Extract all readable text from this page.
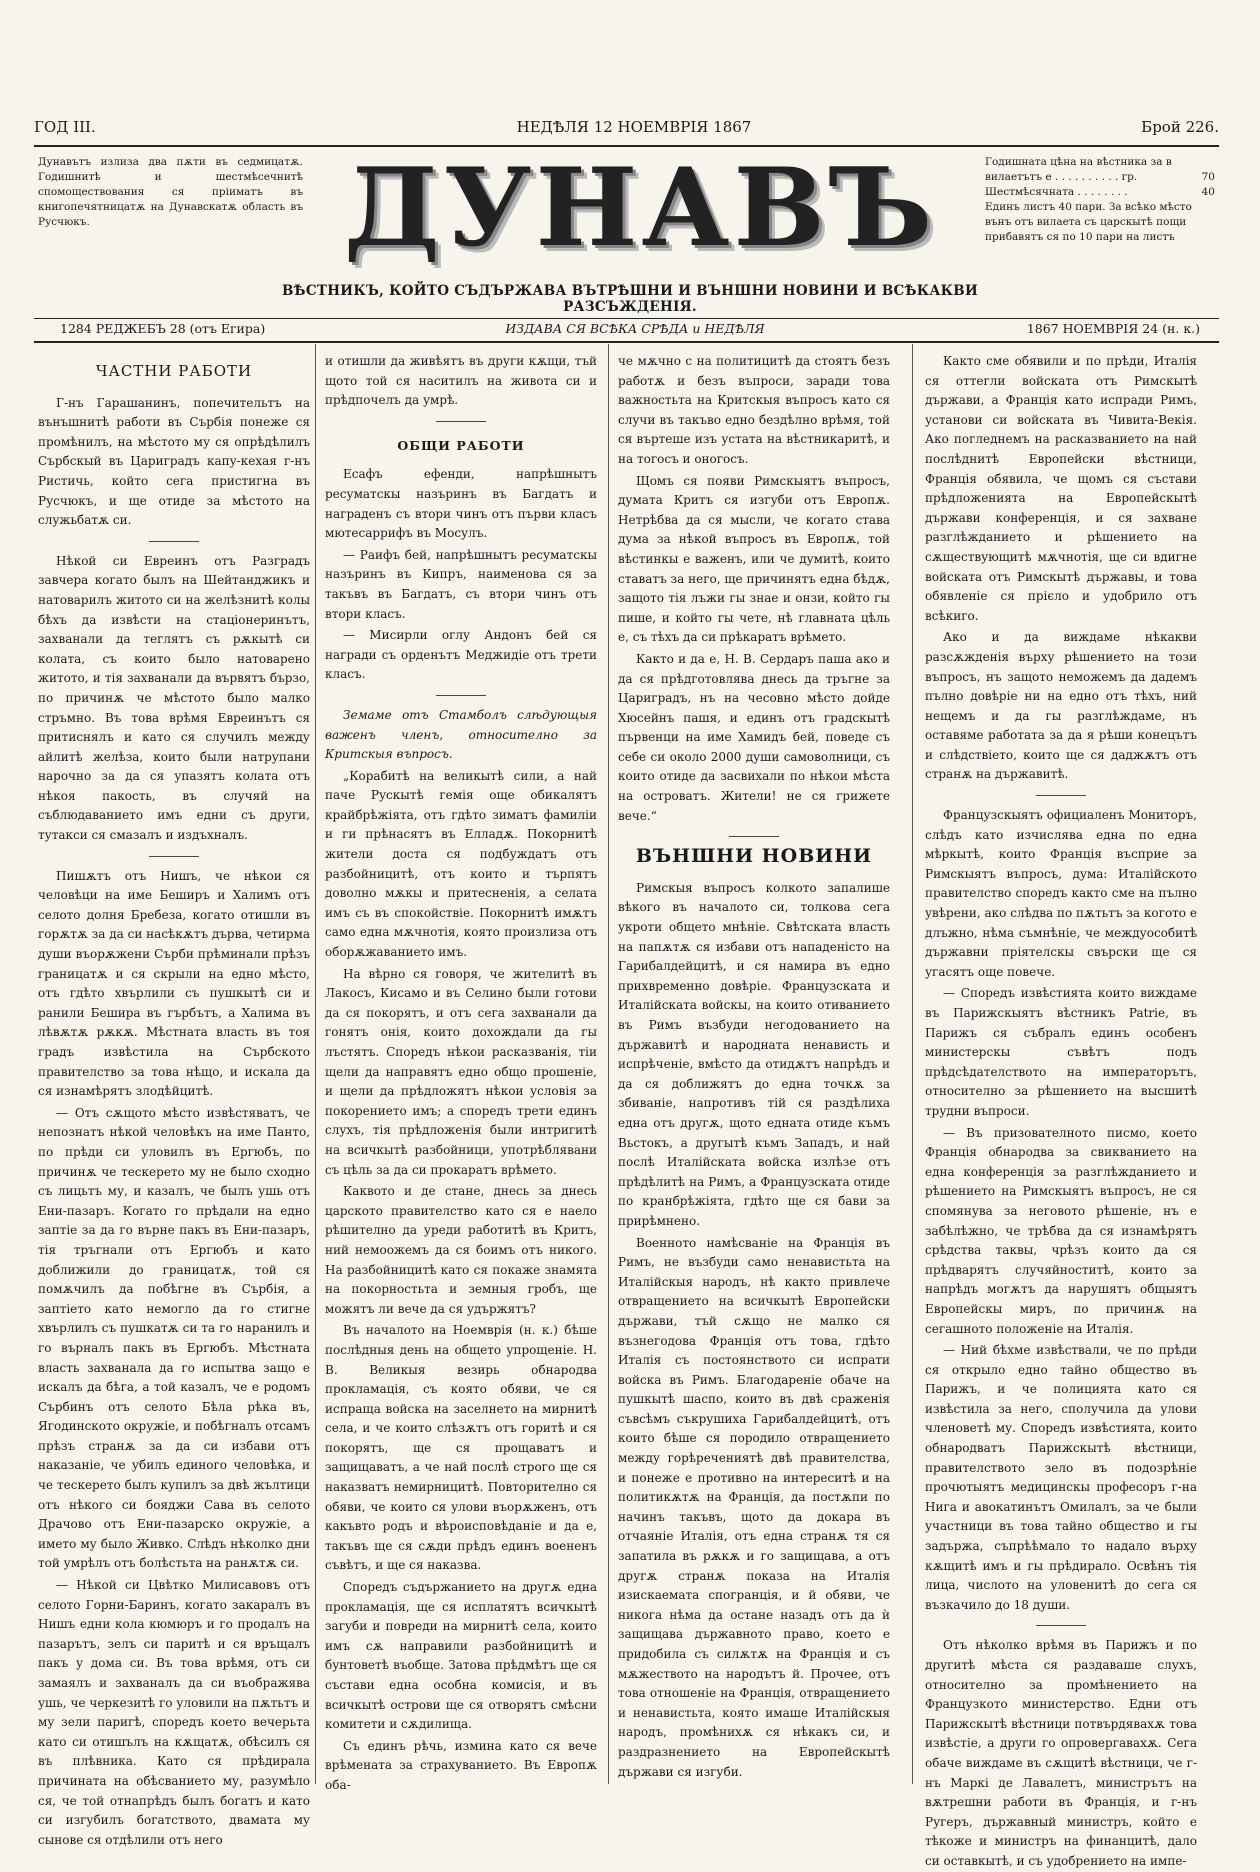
ГОД III.	НЕДѢЛЯ 12 НОЕМВРІЯ 1867	Брой 226.
Дунавътъ излиза два пѫти въ седмицатѫ. Годишнитѣ и шестмѣсечнитѣ спомоществования ся пріиматъ въ книгопечятницатѫ на Дунавскатѫ область въ Русчюкъ.	ДУНАВЪ	Годишната цѣна на вѣстника за в
вилаетътъ е . . . . . . . . . . гр.	70
Шестмѣсячната . . . . . . . .	40
Единъ листъ 40 пари. За всѣко мѣсто вънъ отъ вилаета съ царскытѣ пощи прибавятъ ся по 10 пари на листъ
ВѢСТНИКЪ, КОЙТО СЪДЪРЖАВА ВЪТРѢШНИ И ВЪНШНИ НОВИНИ И ВСѢКАКВИ РАЗСЪЖДЕНІЯ.
1284 РЕДЖЕБЪ 28 (отъ Егира)	ИЗДАВА СЯ ВСѢКА СРѢДА и НЕДѢЛЯ	1867 НОЕМВРІЯ 24 (н. к.)
ЧАСТНИ РАБОТИ

Г-нъ Гарашанинъ, попечительтъ на вънъшнитѣ работи въ Сърбія понеже ся промѣнилъ, на мѣстото му ся опрѣдѣлилъ Сърбскый въ Цариградъ капу-кехая г-нъ Ристичь, който сега пристигна въ Русчюкъ, и ще отиде за мѣстото на служьбатѫ си.

Нѣкой си Евреинъ отъ Разградъ завчера когато былъ на Шейтанджикъ и натоварилъ житото си на желѣзнитѣ колы бѣхъ да извѣсти на стаціонеринътъ, захванали да теглятъ съ рѫкытѣ си колата, съ които было натоварено житото, и тія захванали да вървятъ бързо, по причинѫ че мѣстото было малко стръмно. Въ това врѣмя Евреинътъ ся притиснялъ и като ся случилъ между айлитѣ желѣза, които были натрупани нарочно за да ся упазятъ колата отъ нѣкоя пакость, въ случяй на съблюдаванието имъ едни съ други, тутакси ся смазалъ и издъхналъ.

Пишѫтъ отъ Нишъ, че нѣкои ся человѣци на име Беширъ и Халимъ отъ селото долня Бребеза, когато отишли въ горѫтѫ за да си насѣкѫтъ дърва, четирма души въорѫжени Сърби прѣминали прѣзъ границатѫ и ся скрыли на едно мѣсто, отъ гдѣто хвърлили съ пушкытѣ си и ранили Бешира въ гърбътъ, а Халима въ лѣвѫтѫ рѫкѫ. Мѣстната власть въ тоя градъ извѣстила на Сърбското правителство за това нѣщо, и искала да ся изнамѣрятъ злодѣйцитѣ.

— Отъ сѫщото мѣсто извѣстяватъ, че непознатъ нѣкой человѣкъ на име Панто, по прѣди си уловилъ въ Ергюбъ, по причинѫ че тескерето му не было сходно съ лицьтъ му, и казалъ, че былъ ушь отъ Ени-пазаръ. Когато го прѣдали на едно заптіе за да го върне пакъ въ Ени-пазаръ, тія тръгнали отъ Ергюбъ и като доближили до границатѫ, той ся помѫчилъ да побѣгне въ Сърбія, а заптіето като немогло да го стигне хвърлилъ съ пушкатѫ си та го наранилъ и го върналъ пакъ въ Ергюбъ. Мѣстната власть захванала да го испытва защо е искалъ да бѣга, а той казалъ, че е родомъ Сърбинъ отъ селото Бѣла рѣка въ, Ягодинското окружіе, и побѣгналъ отсамъ прѣзъ странѫ за да си избави отъ наказаніе, че убилъ единого человѣка, и че тескерето былъ купилъ за двѣ жълтици отъ нѣкого си бояджи Сава въ селото Драчово отъ Ени-пазарско окружіе, а името му было Живко. Слѣдъ нѣколко дни той умрѣлъ отъ болѣстьта на ранѫтѫ си.

— Нѣкой си Цвѣтко Милисавовъ отъ селото Горни-Баринъ, когато закаралъ въ Нишъ едни кола кюмюръ и го продалъ на пазарътъ, зелъ си паритѣ и ся връщалъ пакъ у дома си. Въ това врѣмя, отъ си замаялъ и захваналъ да си въображява ушь, че черкезитѣ го уловили на пѫтьтъ и му зели паригѣ, споредъ което вечерьта като си отишълъ на кѫщатѫ, обѣсилъ ся въ плѣвника. Като ся прѣдирала причината на обѣсванието му, разумѣло ся, че той отнапрѣдъ былъ богатъ и като си изгубилъ богатството, двамата му сынове ся отдѣлили отъ него

и отишли да живѣятъ въ други кѫщи, тъй щото той ся наситилъ на живота си и прѣдпочелъ да умрѣ.

ОБЩИ РАБОТИ

Есафъ ефенди, напрѣшнытъ ресуматскы назъринъ въ Багдатъ и награденъ съ втори чинъ отъ първи класъ мютесаррифъ въ Мосулъ.

— Раифъ бей, напрѣшнытъ ресуматскы назъринъ въ Кипръ, наименова ся за такъвъ въ Багдатъ, съ втори чинъ отъ втори класъ.

— Мисирли оглу Андонъ бей ся награди съ орденътъ Меджидіе отъ трети класъ.

Земаме отъ Стамболъ слѣдующыя важенъ членъ, относително за Критскыя въпросъ.

„Корабитѣ на великытѣ сили, а най паче Рускытѣ гемія още обикалятъ крайбрѣжіята, отъ гдѣто зиматъ фамиліи и ги прѣнасятъ въ Елладѫ. Покорнитѣ жители доста ся подбуждатъ отъ разбойницитѣ, отъ които и търпятъ доволно мѫкы и притесненія, а селата имъ съ въ спокойствіе. Покорнитѣ имѫтъ само една мѫчнотія, която произлиза отъ оборѫжаванието имъ.

На вѣрно ся говоря, че жителитѣ въ Лакосъ, Кисамо и въ Селино были готови да ся покорятъ, и отъ сега захванали да гонятъ онія, които дохождали да гы лъстятъ. Споредъ нѣкои расказванія, тіи щели да направятъ едно общо прошеніе, и щели да прѣдложятъ нѣкои условія за покорението имъ; а споредъ трети единъ слухъ, тія прѣдложенія были интригитѣ на всичкытѣ разбойници, употрѣблявани съ цѣль за да си прокаратъ врѣмето.

Каквото и де стане, днесь за днесь царското правителство като ся е наело рѣшително да уреди работитѣ въ Критъ, ний немоожемъ да ся боимъ отъ никого. На разбойницитѣ като ся покаже знамята на покорностьта и земныя гробъ, ще можятъ ли вече да ся удържятъ?

Въ началото на Ноемврія (н. к.) бѣше послѣдныя день на общето упрощеніе. Н. В. Великыя везирь обнародва прокламація, съ която обяви, че ся испраща войска на заселнето на мирнитѣ села, и че които слѣзѫтъ отъ горитѣ и ся покорятъ, ще ся прощаватъ и защищаватъ, а че най послѣ строго ще ся наказватъ немирницитѣ. Повторително ся обяви, че които ся улови въорѫженъ, отъ какъвто родъ и вѣроисповѣданіе и да е, такъвъ ще ся сѫди прѣдъ единъ воененъ съвѣтъ, и ще ся наказва.

Споредъ съдържанието на другѫ една прокламація, ще ся исплатятъ всичкытѣ загуби и повреди на мирнитѣ села, които имъ сѫ направили разбойницитѣ и бунтоветѣ въобще. Затова прѣдмѣтъ ще ся състави една особна комисія, и въ всичкытѣ острови ще ся отворятъ смѣсни комитети и сѫдилища.

Съ единъ рѣчь, измина като ся вече врѣмената за страхуванието. Въ Европѫ оба-

че мѫчно с на политицитѣ да стоятъ безъ работѫ и безъ въпроси, заради това важностьта на Критскыя въпросъ като ся случи въ такъво едно бездѣлно врѣмя, той ся въртеше изъ устата на вѣстникаритѣ, и на тогосъ и оногосъ.

Щомъ ся появи Римскыятъ въпросъ, думата Критъ ся изгуби отъ Европѫ. Нетрѣбва да ся мысли, че когато става дума за нѣкой въпросъ въ Европѫ, той вѣстинкы е важенъ, или че думитѣ, които ставатъ за него, ще причинятъ една бѣдѫ, защото тія лъжи гы знае и онзи, който гы пише, и който гы чете, нѣ главната цѣль е, съ тѣхъ да си прѣкаратъ врѣмето.

Както и да е, Н. В. Сердаръ паша ако и да ся прѣдготовлява днесь да тръгне за Цариградъ, нъ на чесовно мѣсто дойде Хюсейнъ пашя, и единъ отъ градскытѣ първенци на име Хамидъ бей, поведе съ себе си около 2000 души самоволници, съ които отиде да засвихали по нѣкои мѣста на островатъ. Жители! не ся грижете вече.“

ВЪНШНИ НОВИНИ

Римскыя въпросъ колкото запалише вѣкого въ началото си, толкова сега укроти общето мнѣніе. Свѣтската власть на папѫтѫ ся избави отъ нападеністо на Гарибалдейцитѣ, и ся намира въ едно прихвременно довѣріе. Французската и Италійската войскы, на които отиванието въ Римъ възбуди негодованието на държавитѣ и народната ненависть и испрѣченіе, вмѣсто да отидѫтъ напрѣдъ и да ся доближятъ до една точкѫ за збиваніе, напротивъ тій ся раздѣлиха една отъ другѫ, щото едната отиде къмъ Вьстокъ, а другытѣ къмъ Западъ, и най послѣ Италійската войска излѣзе отъ прѣдѣлитѣ на Римъ, а Французската отиде по кранбрѣжіята, гдѣто ще ся бави за прирѣмнено.

Военното намѣсваніе на Франція въ Римъ, не възбуди само ненавистьта на Италійскыя народъ, нѣ както привлече отвращението на всичкытѣ Европейски държави, тъй сѫщо не малко ся възнегодова Франція отъ това, гдѣто Италія съ постоянството си испрати войска въ Римъ. Благодареніе обаче на пушкытѣ шаспо, които въ двѣ сраженія съвсѣмъ съкрушиха Гарибалдейцитѣ, отъ които бѣше ся породило отвращението между горѣречениятѣ двѣ правителства, и понеже е противно на интереситѣ и на политикѫтѫ на Франція, да постѫпи по начинъ такъвъ, щото да докара въ отчаяніе Италія, отъ една странѫ тя ся запатила въ рѫкѫ и го защищава, а отъ другѫ странѫ показа на Италія изискаемата спогранція, и й обяви, че никога нѣма да остане назадъ отъ да ѝ защищава държавното право, което е придобила съ силѫтѫ на Франція и съ мѫжеството на народътъ й. Прочее, отъ това отношеніе на Франція, отвращението и ненавистьта, която имаше Италійскыя народъ, промѣнихѫ ся нѣкакъ си, и раздразнението на Европейскытѣ държави ся изгуби.

Както сме обявили и по прѣди, Италія ся оттегли войската отъ Римскытѣ държави, а Франція като испради Римъ, установи си войската въ Чивита-Векія. Ако погледнемъ на расказванието на най послѣднитѣ Европейски вѣстници, Франція обявила, че щомъ ся състави прѣдложенията на Европейскытѣ държави конференція, и ся захване разглѣжданието и рѣшението на сѫществующитѣ мѫчнотія, ще си вдигне войската отъ Римскытѣ държавы, и това обявленіе ся прієло и удобрило отъ всѣкиго.

Ако и да виждаме нѣкакви разсѫжденія върху рѣшението на този въпросъ, нъ защото неможемъ да дадемъ пълно довѣріе ни на едно отъ тѣхъ, ний нещемъ и да гы разглѣждаме, нъ оставяме работата за да я рѣши конецътъ и слѣдствіето, които ще ся даджѫтъ отъ странѫ на държавитѣ.

Французскыятъ официаленъ Мониторъ, слѣдъ като изчислява една по една мѣркытѣ, които Франція въсприе за Римскыятъ въпросъ, дума: Италійското правителство споредъ както сме на пълно увѣрени, ако слѣдва по пѫтьтъ за когото е длъжно, нѣма съмнѣніе, че междуособитѣ държавни пріятелскы свърски ще ся угасятъ още повече.

— Споредъ извѣстията които виждаме въ Парижскыятъ вѣстникъ Patrie, въ Парижъ ся събралъ единъ особенъ министерскы съвѣтъ подъ прѣдсѣдателството на императорътъ, относително за рѣшението на высшитѣ трудни въпроси.

— Въ призователното писмо, което Франція обнародва за свикванието на една конференція за разглѣжданието и рѣшението на Римскыятъ въпросъ, не ся спомянува за неговото рѣшеніе, нъ е забѣлѣжно, че трѣбва да ся изнамѣрятъ срѣдства таквы, чрѣзъ които да ся прѣдварятъ случяйноститѣ, които за напрѣдъ могѫтъ да нарушятъ общыятъ Европейскы миръ, по причинѫ на сегашното положеніе на Италія.

— Ний бѣхме извѣствали, че по прѣди ся открыло едно тайно общество въ Парижъ, и че полицията като ся извѣстила за него, сполучила да улови членоветѣ му. Споредъ извѣстията, които обнародватъ Парижскытѣ вѣстници, правителството зело въ подозрѣніе прочютыятъ медицинскы професоръ г-на Нига и авокатинътъ Омилалъ, за че были участници въ това тайно общество и гы задържа, съпрѣѣмало то надало върху кѫщитѣ имъ и гы прѣдирало. Освѣнъ тія лица, числото на уловенитѣ до сега ся възкачило до 18 души.

Отъ нѣколко врѣмя въ Парижъ и по другитѣ мѣста ся раздаваше слухъ, относително за промѣнението на Французкото министерство. Едни отъ Парижскытѣ вѣстници потвърдявахѫ това извѣстіе, а други го опровергавахѫ. Сега обаче виждаме въ сѫщитѣ вѣстници, че г-нъ Маркі де Лавалетъ, министрътъ на вѫтрешни работи въ Франція, и г-нъ Ругеръ, държавный министръ, който е тѣкоже и министръ на финанцитѣ, дало си оставкытѣ, и съ удобрението на импе-
